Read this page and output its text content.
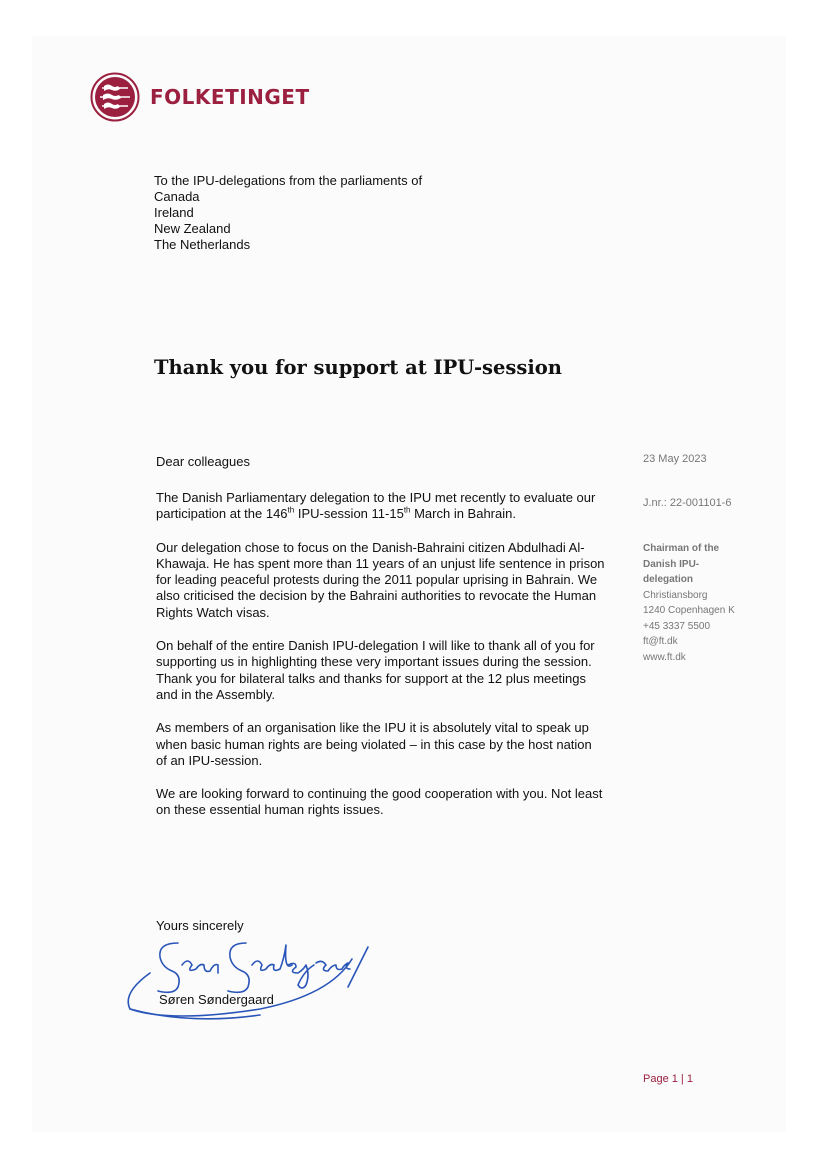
FOLKETINGET
To the IPU-delegations from the parliaments of
Canada
Ireland
New Zealand
The Netherlands
Thank you for support at IPU-session
Dear colleagues

The Danish Parliamentary delegation to the IPU met recently to evaluate our participation at the 146th IPU-session 11-15th March in Bahrain.

Our delegation chose to focus on the Danish-Bahraini citizen Abdulhadi Al-Khawaja. He has spent more than 11 years of an unjust life sentence in prison for leading peaceful protests during the 2011 popular uprising in Bahrain. We also criticised the decision by the Bahraini authorities to revocate the Human Rights Watch visas.

On behalf of the entire Danish IPU-delegation I will like to thank all of you for supporting us in highlighting these very important issues during the session. Thank you for bilateral talks and thanks for support at the 12 plus meetings and in the Assembly.

As members of an organisation like the IPU it is absolutely vital to speak up when basic human rights are being violated – in this case by the host nation of an IPU-session.

We are looking forward to continuing the good cooperation with you. Not least on these essential human rights issues.

Yours sincerely
Søren Søndergaard
23 May 2023
J.nr.: 22-001101-6
Chairman of the
Danish IPU-
delegation
Christiansborg
1240 Copenhagen K
+45 3337 5500
ft@ft.dk
www.ft.dk
Page 1 | 1
